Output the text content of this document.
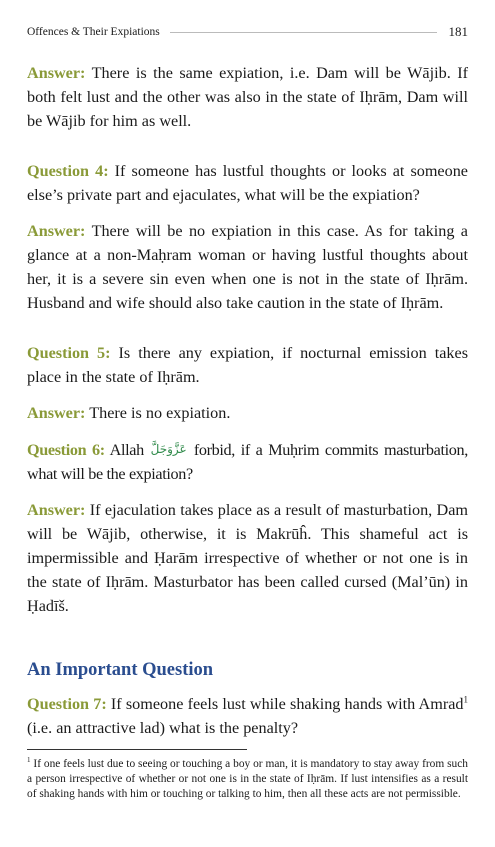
Offences & Their Expiations	181

Answer: There is the same expiation, i.e. Dam will be Wājib. If both felt lust and the other was also in the state of Iḥrām, Dam will be Wājib for him as well.

Question 4: If someone has lustful thoughts or looks at someone else’s private part and ejaculates, what will be the expiation?

Answer: There will be no expiation in this case. As for taking a glance at a non-Maḥram woman or having lustful thoughts about her, it is a severe sin even when one is not in the state of Iḥrām. Husband and wife should also take caution in the state of Iḥrām.

Question 5: Is there any expiation, if nocturnal emission takes place in the state of Iḥrām.

Answer: There is no expiation.

Question 6: Allah عَزَّوَجَلَّ forbid, if a Muḥrim commits masturbation, what will be the expiation?

Answer: If ejaculation takes place as a result of masturbation, Dam will be Wājib, otherwise, it is Makrūĥ. This shameful act is impermissible and Ḥarām irrespective of whether or not one is in the state of Iḥrām. Masturbator has been called cursed (Mal’ūn) in Ḥadīš.

An Important Question

Question 7: If someone feels lust while shaking hands with Amrad$^1$ (i.e. an attractive lad) what is the penalty?

$^1$ If one feels lust due to seeing or touching a boy or man, it is mandatory to stay away from such a person irrespective of whether or not one is in the state of Iḥrām. If lust intensifies as a result of shaking hands with him or touching or talking to him, then all these acts are not permissible.
